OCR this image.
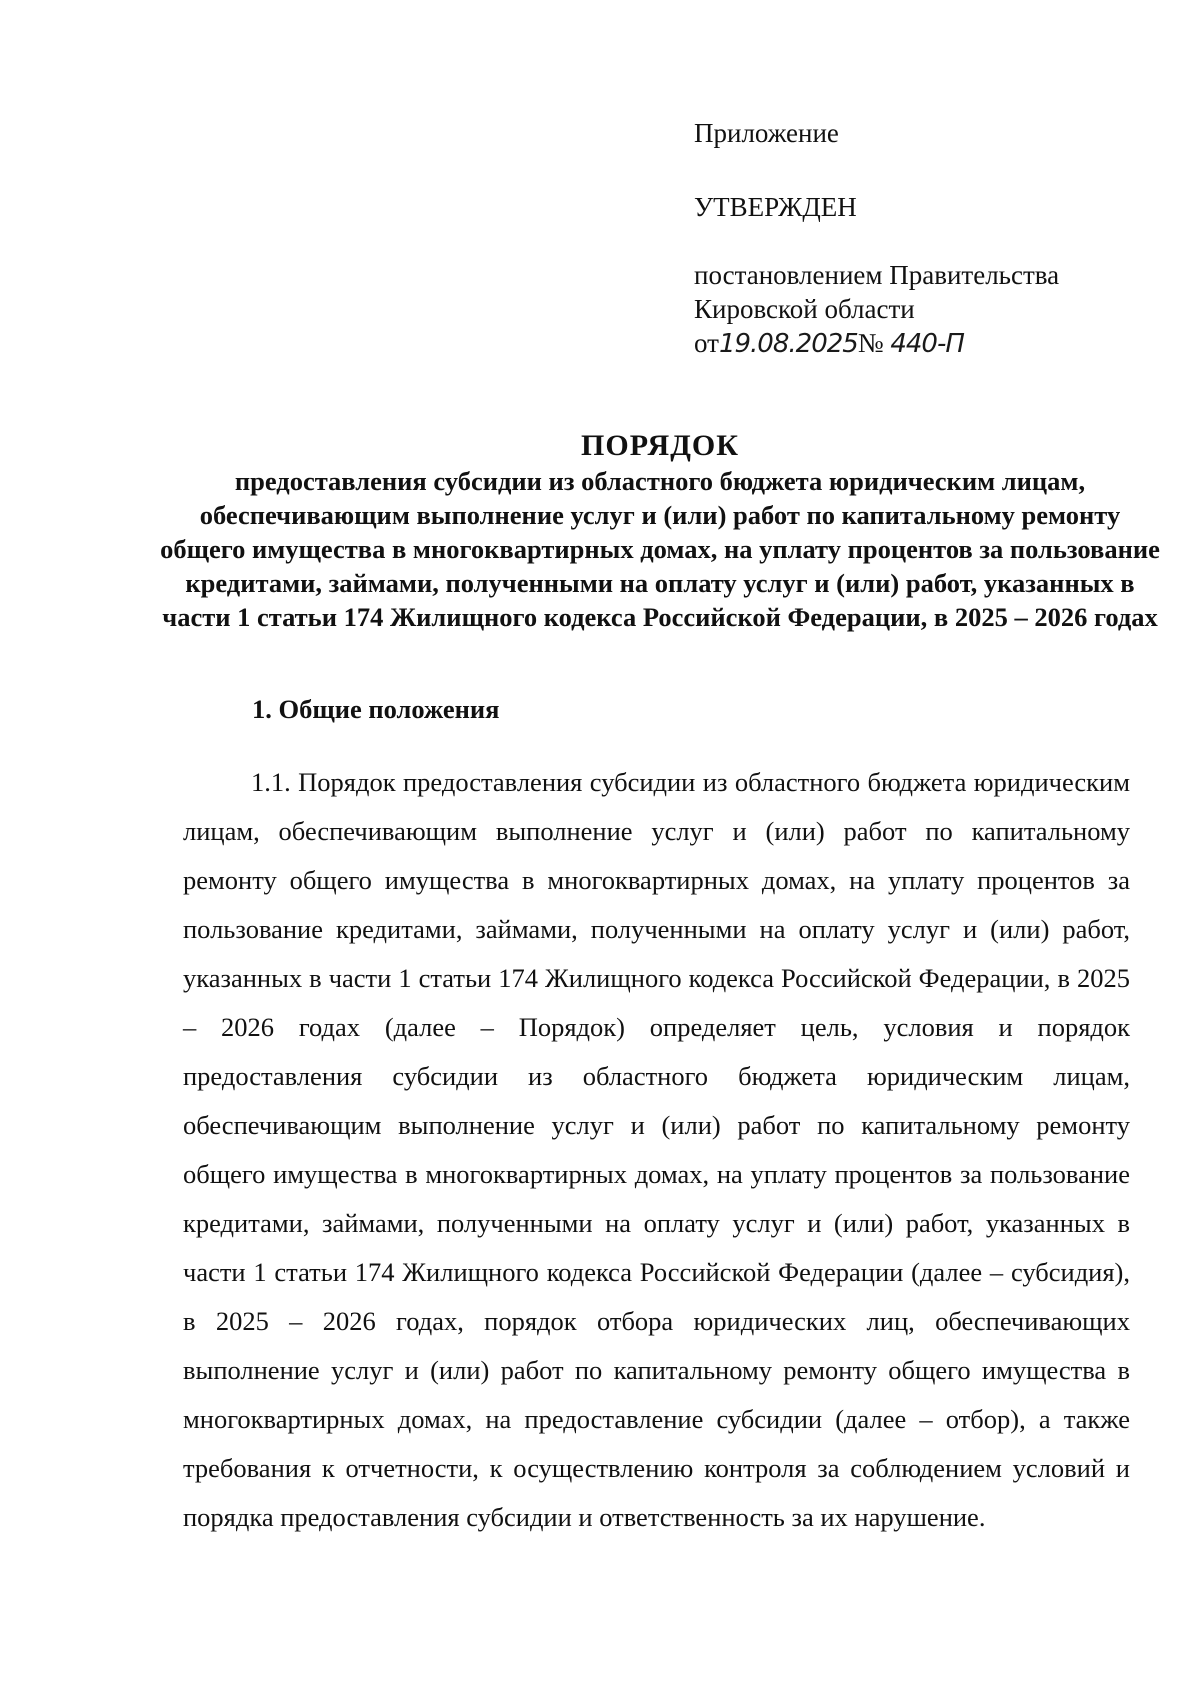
Приложение
УТВЕРЖДЕН
постановлением Правительства
Кировской области
от19.08.2025№ 440-П
ПОРЯДОК
предоставления субсидии из областного бюджета юридическим лицам, обеспечивающим выполнение услуг и (или) работ по капитальному ремонту общего имущества в многоквартирных домах, на уплату процентов за пользование кредитами, займами, полученными на оплату услуг и (или) работ, указанных в части 1 статьи 174 Жилищного кодекса Российской Федерации, в 2025 – 2026 годах
1. Общие положения
1.1. Порядок предоставления субсидии из областного бюджета юридическим лицам, обеспечивающим выполнение услуг и (или) работ по капитальному ремонту общего имущества в многоквартирных домах, на уплату процентов за пользование кредитами, займами, полученными на оплату услуг и (или) работ, указанных в части 1 статьи 174 Жилищного кодекса Российской Федерации, в 2025 – 2026 годах (далее – Порядок) определяет цель, условия и порядок предоставления субсидии из областного бюджета юридическим лицам, обеспечивающим выполнение услуг и (или) работ по капитальному ремонту общего имущества в многоквартирных домах, на уплату процентов за пользование кредитами, займами, полученными на оплату услуг и (или) работ, указанных в части 1 статьи 174 Жилищного кодекса Российской Федерации (далее – субсидия), в 2025 – 2026 годах, порядок отбора юридических лиц, обеспечивающих выполнение услуг и (или) работ по капитальному ремонту общего имущества в многоквартирных домах, на предоставление субсидии (далее – отбор), а также требования к отчетности, к осуществлению контроля за соблюдением условий и порядка предоставления субсидии и ответственность за их нарушение.
